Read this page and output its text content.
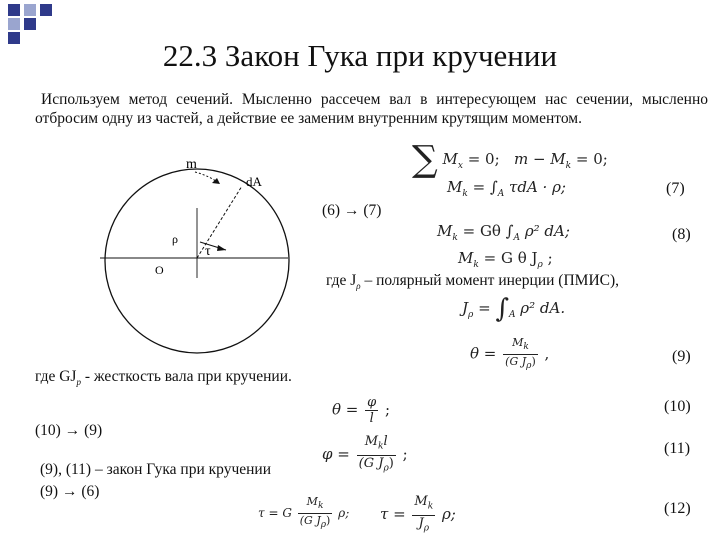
22.3 Закон Гука при кручении
Используем метод сечений. Мысленно рассечем вал в интересующем нас сечении, мысленно отбросим одну из частей, а действие ее заменим внутренним крутящим моментом.
m
dA
ρ
τ
O
∑ $M_x = 0$; $m - M_k = 0$;
$M_k = \int_A$ τdA · ρ;	(7)
(6) → (7)
$M_k = G\theta$ $\int_A$ ρ² dA;	(8)
$M_k = G$ θ $J_\rho$ ;
где $J_\rho$ – полярный момент инерции (ПМИС),
$J_\rho = \int_A$ ρ² dA.
$\theta = \frac{M_k}{(G J_\rho)}$ ,	(9)
где $GJ_p$ - жесткость вала при кручении.
$\theta = \frac{\varphi}{l}$ ;	(10)
(10) → (9)
$\varphi = \frac{M_kl}{(G J_\rho)}$ ;	(11)
(9), (11) – закон Гука при кручении
(9) → (6)
τ = G $\frac{M_k}{(G J_\rho)} \rho$; $\tau = \frac{M_k}{J_\rho} \rho$;	(12)
